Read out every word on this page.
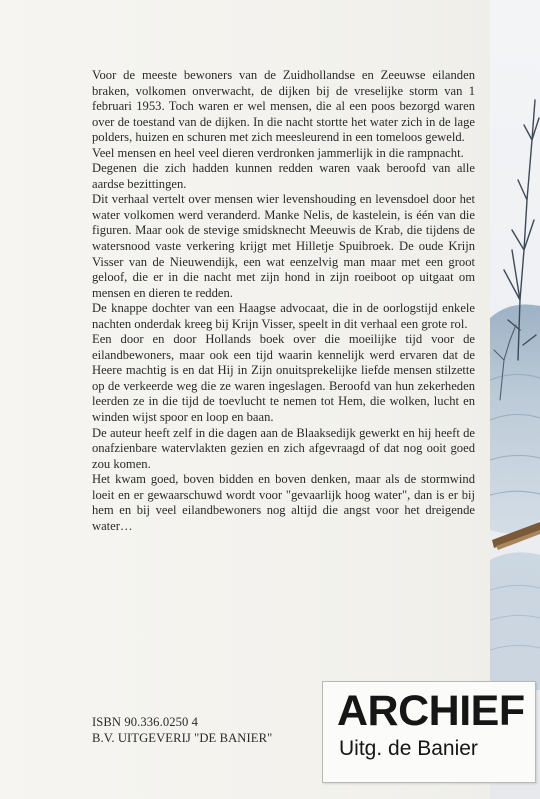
Voor de meeste bewoners van de Zuidhollandse en Zeeuwse eilanden braken, volkomen onverwacht, de dijken bij de vreselijke storm van 1 februari 1953. Toch waren er wel mensen, die al een poos bezorgd waren over de toestand van de dijken. In die nacht stortte het water zich in de lage polders, huizen en schuren met zich meesleurend in een tomeloos geweld.

Veel mensen en heel veel dieren verdronken jammerlijk in die rampnacht.

Degenen die zich hadden kunnen redden waren vaak beroofd van alle aardse bezittingen.

Dit verhaal vertelt over mensen wier levenshouding en levensdoel door het water volkomen werd veranderd. Manke Nelis, de kastelein, is één van die figuren. Maar ook de stevige smidsknecht Meeuwis de Krab, die tijdens de watersnood vaste verkering krijgt met Hilletje Spuibroek. De oude Krijn Visser van de Nieuwendijk, een wat eenzelvig man maar met een groot geloof, die er in die nacht met zijn hond in zijn roeiboot op uitgaat om mensen en dieren te redden.

De knappe dochter van een Haagse advocaat, die in de oorlogstijd enkele nachten onderdak kreeg bij Krijn Visser, speelt in dit verhaal een grote rol.

Een door en door Hollands boek over die moeilijke tijd voor de eilandbewoners, maar ook een tijd waarin kennelijk werd ervaren dat de Heere machtig is en dat Hij in Zijn onuitsprekelijke liefde mensen stilzette op de verkeerde weg die ze waren ingeslagen. Beroofd van hun zekerheden leerden ze in die tijd de toevlucht te nemen tot Hem, die wolken, lucht en winden wijst spoor en loop en baan.

De auteur heeft zelf in die dagen aan de Blaaksedijk gewerkt en hij heeft de onafzienbare watervlakten gezien en zich afgevraagd of dat nog ooit goed zou komen.

Het kwam goed, boven bidden en boven denken, maar als de stormwind loeit en er gewaarschuwd wordt voor "gevaarlijk hoog water", dan is er bij hem en bij veel eilandbewoners nog altijd die angst voor het dreigende water…

ISBN 90.336.0250 4
B.V. UITGEVERIJ "DE BANIER"
ARCHIEF
Uitg. de Banier
